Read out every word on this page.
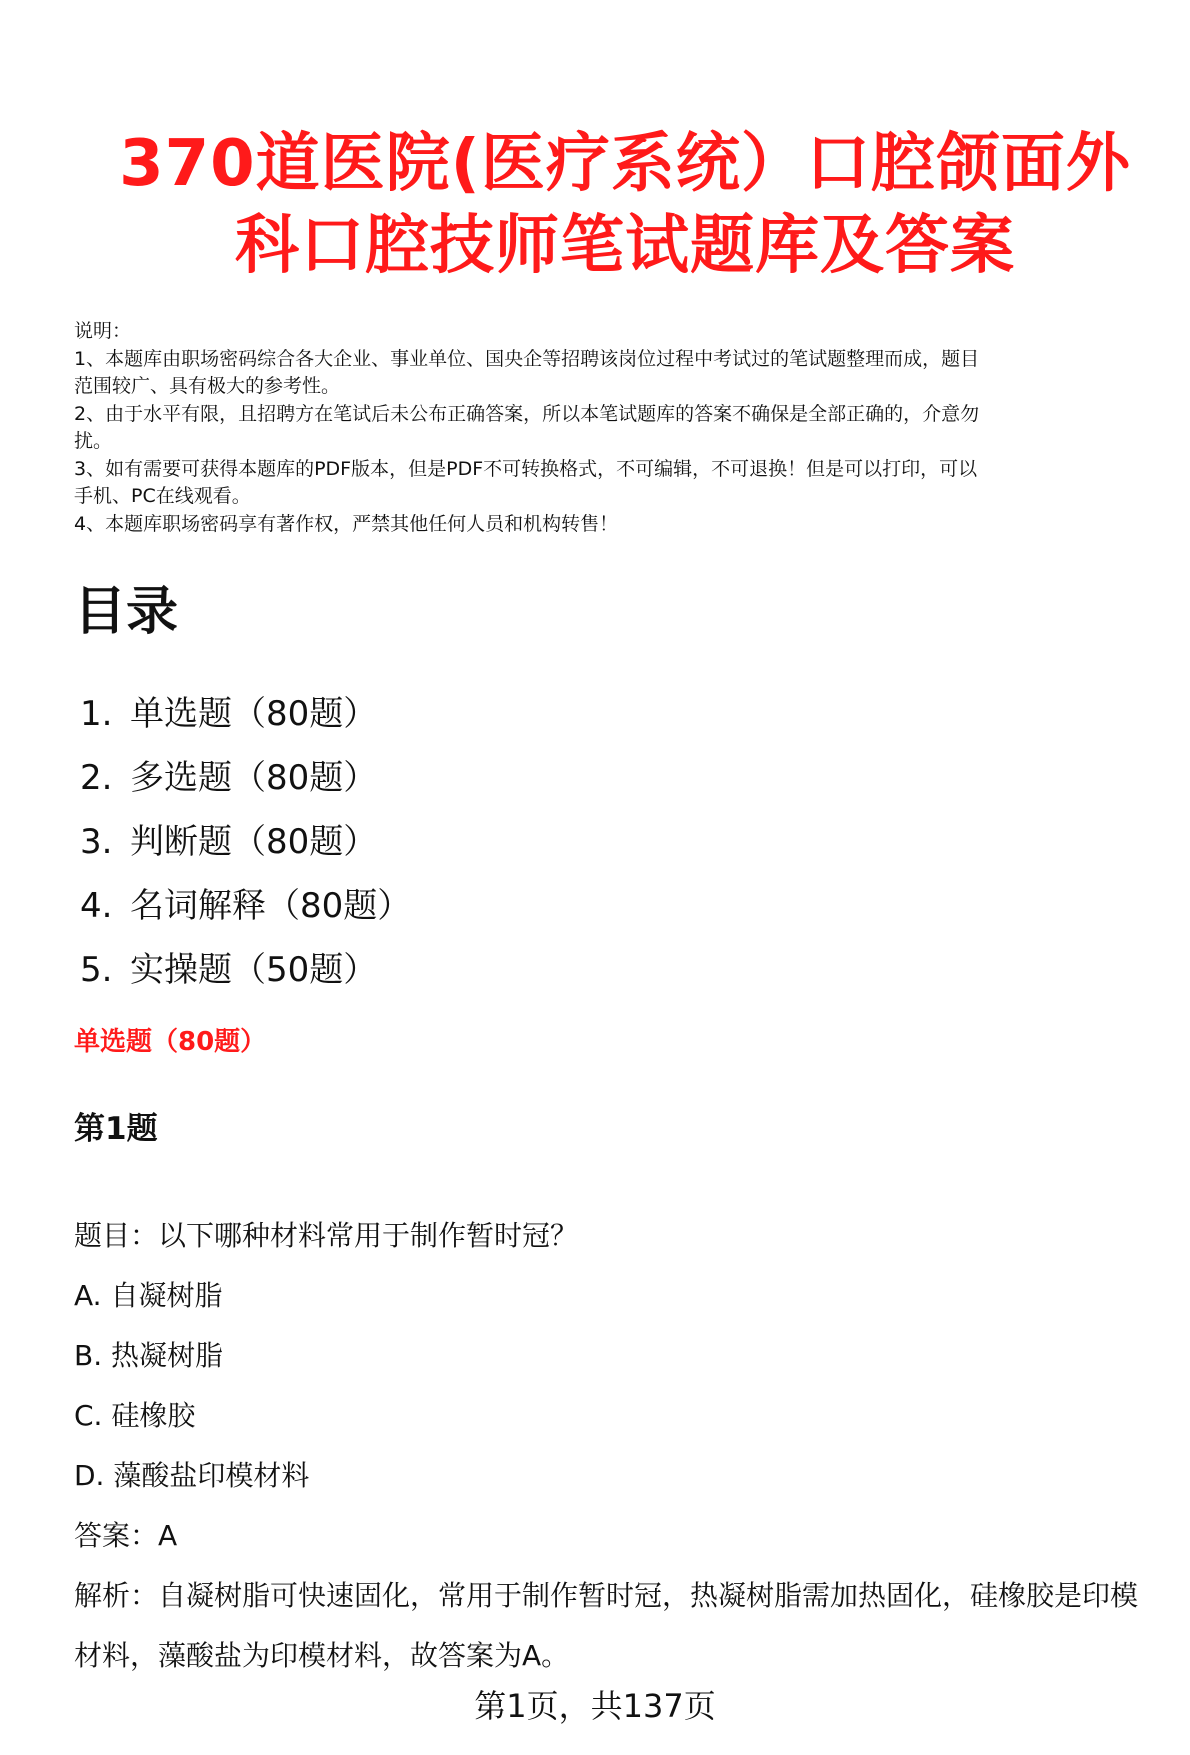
370道医院(医疗系统）口腔颌面外
科口腔技师笔试题库及答案
说明：
1、本题库由职场密码综合各大企业、事业单位、国央企等招聘该岗位过程中考试过的笔试题整理而成，题目
范围较广、具有极大的参考性。
2、由于水平有限，且招聘方在笔试后未公布正确答案，所以本笔试题库的答案不确保是全部正确的，介意勿
扰。
3、如有需要可获得本题库的PDF版本，但是PDF不可转换格式，不可编辑，不可退换！但是可以打印，可以
手机、PC在线观看。
4、本题库职场密码享有著作权，严禁其他任何人员和机构转售！
目录
1. 单选题（80题）
2. 多选题（80题）
3. 判断题（80题）
4. 名词解释（80题）
5. 实操题（50题）
单选题（80题）
第1题
题目：以下哪种材料常用于制作暂时冠？
A. 自凝树脂
B. 热凝树脂
C. 硅橡胶
D. 藻酸盐印模材料
答案：A
解析：自凝树脂可快速固化，常用于制作暂时冠，热凝树脂需加热固化，硅橡胶是印模材料，藻酸盐为印模材料，故答案为A。
第1页，共137页
